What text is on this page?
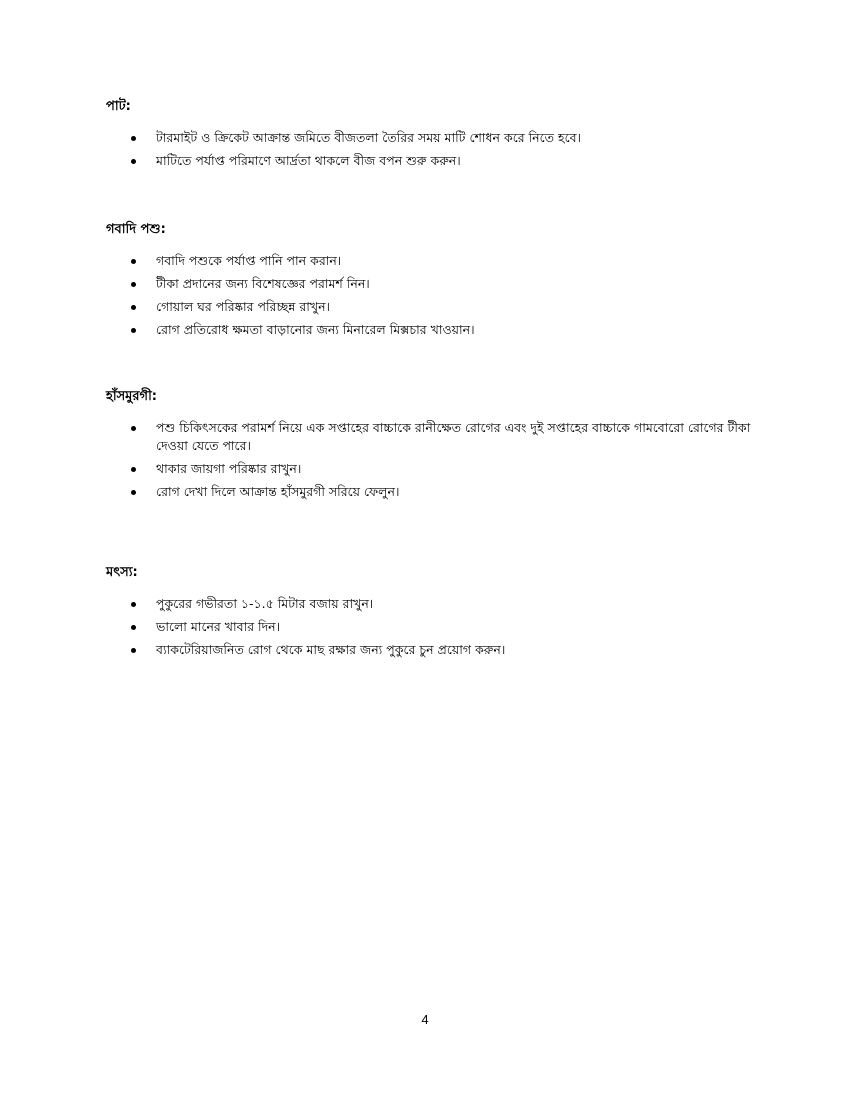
পাট:
টারমাইট ও ক্রিকেট আক্রান্ত জমিতে বীজতলা তৈরির সময় মাটি শোধন করে নিতে হবে।
মাটিতে পর্যাপ্ত পরিমাণে আর্দ্রতা থাকলে বীজ বপন শুরু করুন।
গবাদি পশু:
গবাদি পশুকে পর্যাপ্ত পানি পান করান।
টীকা প্রদানের জন্য বিশেষজ্ঞের পরামর্শ নিন।
গোয়াল ঘর পরিষ্কার পরিচ্ছন্ন রাখুন।
রোগ প্রতিরোধ ক্ষমতা বাড়ানোর জন্য মিনারেল মিক্সচার খাওয়ান।
হাঁসমুরগী:
পশু চিকিৎসকের পরামর্শ নিয়ে এক সপ্তাহের বাচ্চাকে রানীক্ষেত রোগের এবং দুই সপ্তাহের বাচ্চাকে গামবোরো রোগের টীকা দেওয়া যেতে পারে।
থাকার জায়গা পরিষ্কার রাখুন।
রোগ দেখা দিলে আক্রান্ত হাঁসমুরগী সরিয়ে ফেলুন।
মৎস্য:
পুকুরের গভীরতা ১-১.৫ মিটার বজায় রাখুন।
ভালো মানের খাবার দিন।
ব্যাকটেরিয়াজনিত রোগ থেকে মাছ রক্ষার জন্য পুকুরে চুন প্রয়োগ করুন।
4
